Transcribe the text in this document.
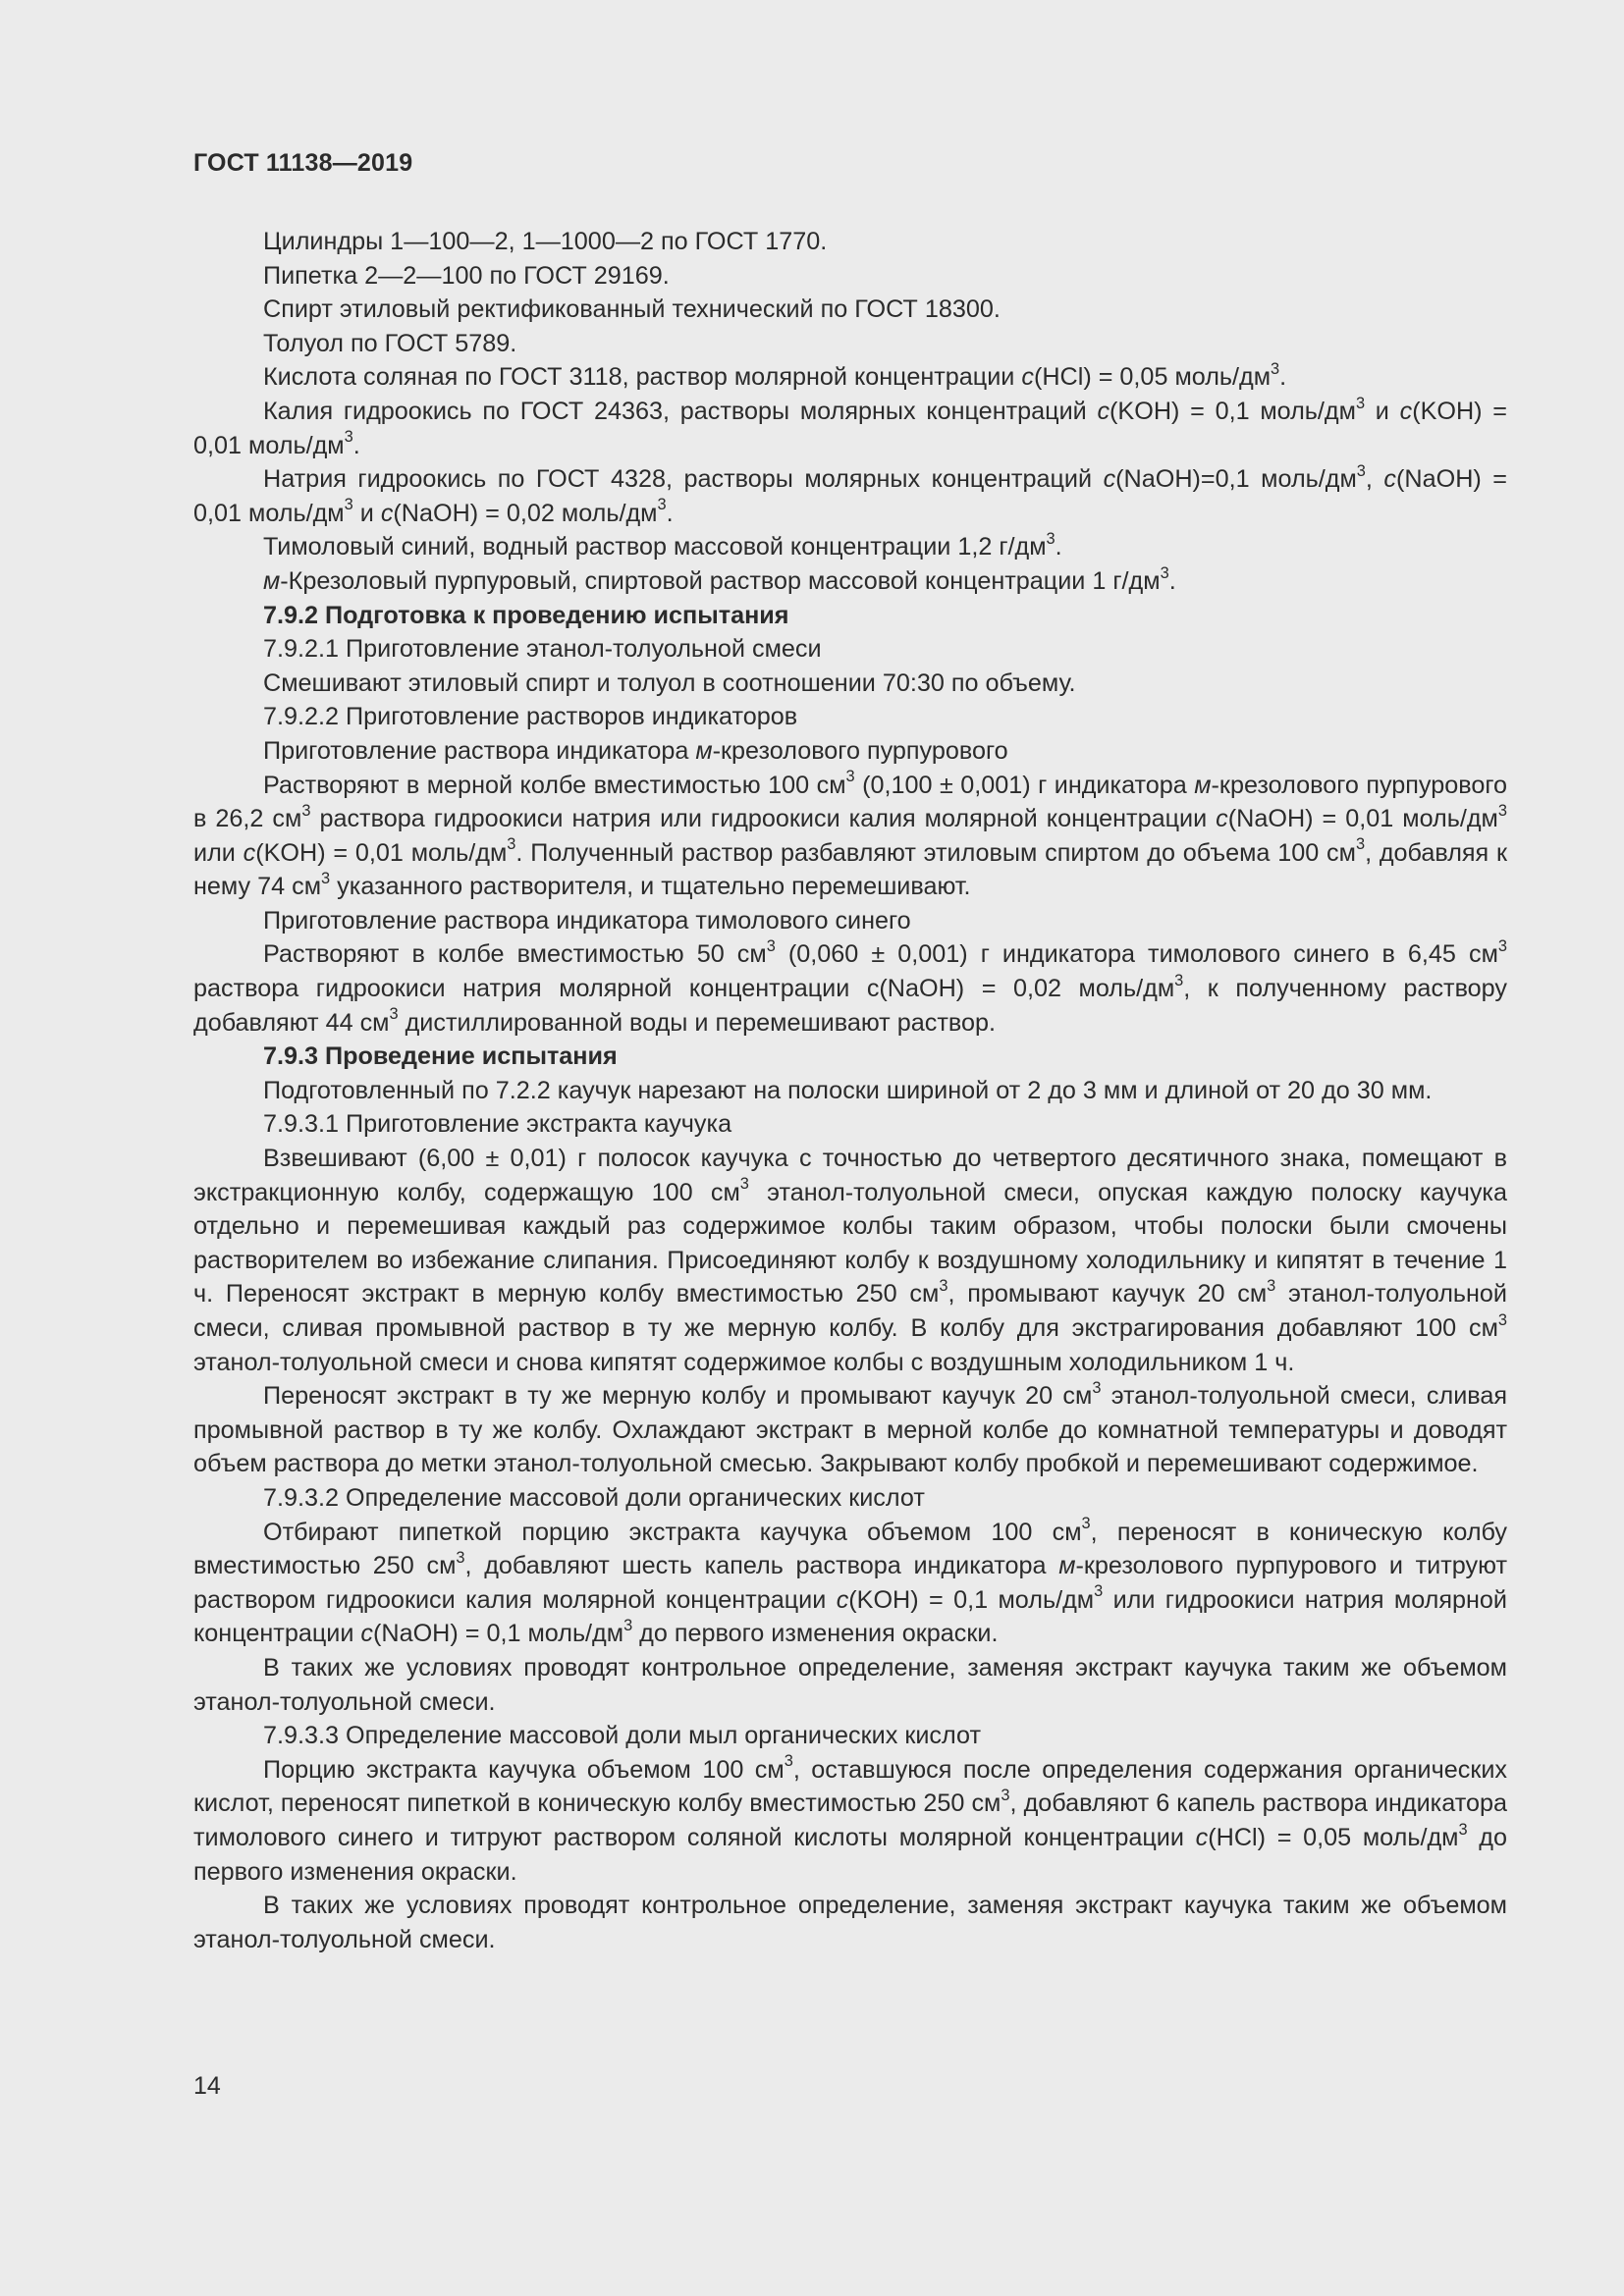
ГОСТ 11138—2019

Цилиндры 1—100—2, 1—1000—2 по ГОСТ 1770.

Пипетка 2—2—100 по ГОСТ 29169.

Спирт этиловый ректификованный технический по ГОСТ 18300.

Толуол по ГОСТ 5789.

Кислота соляная по ГОСТ 3118, раствор молярной концентрации c(HCl) = 0,05 моль/$дм^3$.

Калия гидроокись по ГОСТ 24363, растворы молярных концентраций c(KOH) = 0,1 моль/$дм^3$ и c(KOH) = 0,01 моль/$дм^3$.

Натрия гидроокись по ГОСТ 4328, растворы молярных концентраций c(NaOH)=0,1 моль/$дм^3$, c(NaOH) = 0,01 моль/$дм^3$ и c(NaOH) = 0,02 моль/$дм^3$.

Тимоловый синий, водный раствор массовой концентрации 1,2 $г/дм^3$.

м-Крезоловый пурпуровый, спиртовой раствор массовой концентрации 1 $г/дм^3$.

7.9.2 Подготовка к проведению испытания

7.9.2.1 Приготовление этанол-толуольной смеси

Смешивают этиловый спирт и толуол в соотношении 70:30 по объему.

7.9.2.2 Приготовление растворов индикаторов

Приготовление раствора индикатора м-крезолового пурпурового

Растворяют в мерной колбе вместимостью 100 $см^3$ (0,100 ± 0,001) г индикатора м-крезолового пурпурового в 26,2 $см^3$ раствора гидроокиси натрия или гидроокиси калия молярной концентрации c(NaOH) = 0,01 моль/$дм^3$ или c(KOH) = 0,01 моль/$дм^3$. Полученный раствор разбавляют этиловым спиртом до объема 100 $см^3$, добавляя к нему 74 $см^3$ указанного растворителя, и тщательно перемешивают.

Приготовление раствора индикатора тимолового синего

Растворяют в колбе вместимостью 50 $см^3$ (0,060 ± 0,001) г индикатора тимолового синего в 6,45 $см^3$ раствора гидроокиси натрия молярной концентрации с(NaOH) = 0,02 моль/$дм^3$, к полученному раствору добавляют 44 $см^3$ дистиллированной воды и перемешивают раствор.

7.9.3 Проведение испытания

Подготовленный по 7.2.2 каучук нарезают на полоски шириной от 2 до 3 мм и длиной от 20 до 30 мм.

7.9.3.1 Приготовление экстракта каучука

Взвешивают (6,00 ± 0,01) г полосок каучука с точностью до четвертого десятичного знака, помещают в экстракционную колбу, содержащую 100 $см^3$ этанол-толуольной смеси, опуская каждую полоску каучука отдельно и перемешивая каждый раз содержимое колбы таким образом, чтобы полоски были смочены растворителем во избежание слипания. Присоединяют колбу к воздушному холодильнику и кипятят в течение 1 ч. Переносят экстракт в мерную колбу вместимостью 250 $см^3$, промывают каучук 20 $см^3$ этанол-толуольной смеси, сливая промывной раствор в ту же мерную колбу. В колбу для экстрагирования добавляют 100 $см^3$ этанол-толуольной смеси и снова кипятят содержимое колбы с воздушным холодильником 1 ч.

Переносят экстракт в ту же мерную колбу и промывают каучук 20 $см^3$ этанол-толуольной смеси, сливая промывной раствор в ту же колбу. Охлаждают экстракт в мерной колбе до комнатной температуры и доводят объем раствора до метки этанол-толуольной смесью. Закрывают колбу пробкой и перемешивают содержимое.

7.9.3.2 Определение массовой доли органических кислот

Отбирают пипеткой порцию экстракта каучука объемом 100 $см^3$, переносят в коническую колбу вместимостью 250 $см^3$, добавляют шесть капель раствора индикатора м-крезолового пурпурового и титруют раствором гидроокиси калия молярной концентрации c(KOH) = 0,1 моль/$дм^3$ или гидроокиси натрия молярной концентрации c(NaOH) = 0,1 моль/$дм^3$ до первого изменения окраски.

В таких же условиях проводят контрольное определение, заменяя экстракт каучука таким же объемом этанол-толуольной смеси.

7.9.3.3 Определение массовой доли мыл органических кислот

Порцию экстракта каучука объемом 100 $см^3$, оставшуюся после определения содержания органических кислот, переносят пипеткой в коническую колбу вместимостью 250 $см^3$, добавляют 6 капель раствора индикатора тимолового синего и титруют раствором соляной кислоты молярной концентрации c(HCl) = 0,05 моль/$дм^3$ до первого изменения окраски.

В таких же условиях проводят контрольное определение, заменяя экстракт каучука таким же объемом этанол-толуольной смеси.

14
